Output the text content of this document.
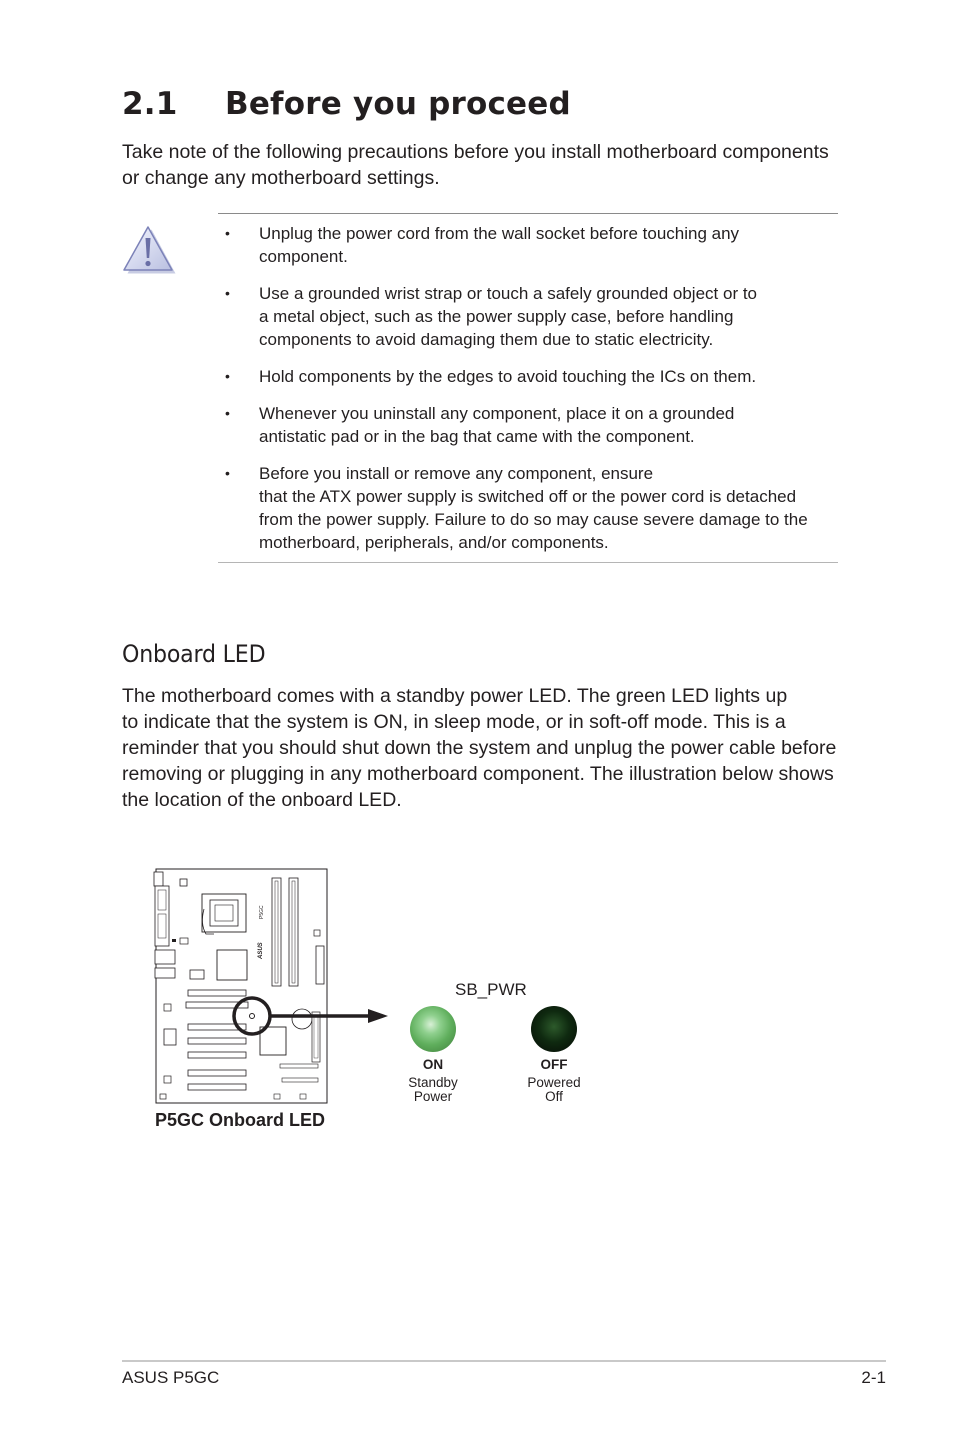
2.1 Before you proceed
Take note of the following precautions before you install motherboard components or change any motherboard settings.
• Unplug the power cord from the wall socket before touching any
component.
• Use a grounded wrist strap or touch a safely grounded object or to
a metal object, such as the power supply case, before handling
components to avoid damaging them due to static electricity.
• Hold components by the edges to avoid touching the ICs on them.
• Whenever you uninstall any component, place it on a grounded
antistatic pad or in the bag that came with the component.
• Before you install or remove any component, ensure
that the ATX power supply is switched off or the power cord is detached
from the power supply. Failure to do so may cause severe damage to the
motherboard, peripherals, and/or components.
Onboard LED
The motherboard comes with a standby power LED. The green LED lights up
to indicate that the system is ON, in sleep mode, or in soft-off mode. This is a
reminder that you should shut down the system and unplug the power cable before
removing or plugging in any motherboard component. The illustration below shows
the location of the onboard LED.
P5GC
ASUS
SB_PWR
ON
Standby
Power
OFF
Powered
Off
P5GC Onboard LED
ASUS P5GC	2-1
